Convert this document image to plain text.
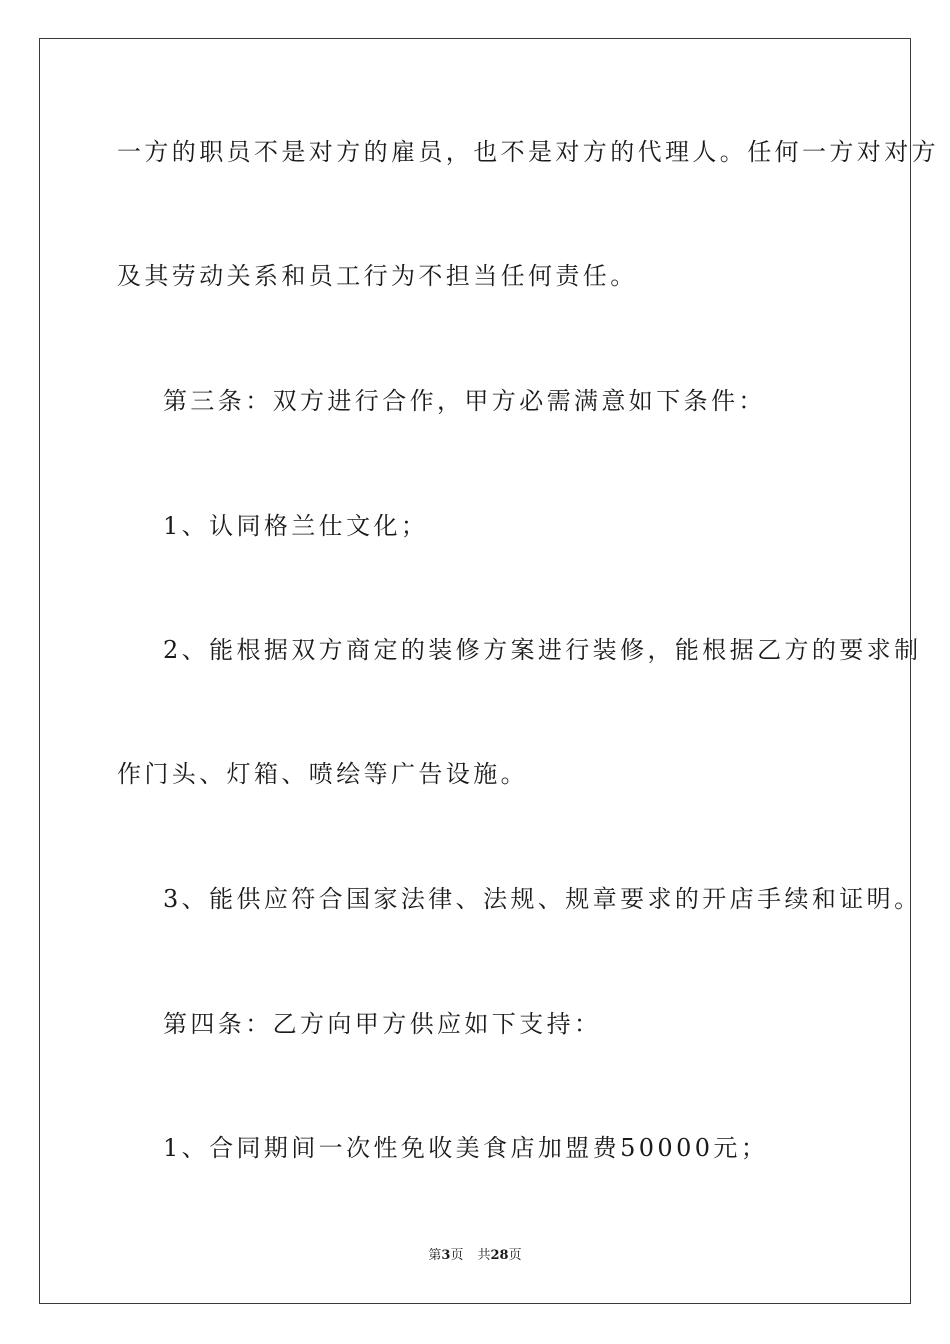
一方的职员不是对方的雇员，也不是对方的代理人。任何一方对对方
及其劳动关系和员工行为不担当任何责任。
第三条：双方进行合作，甲方必需满意如下条件：
1、认同格兰仕文化；
2、能根据双方商定的装修方案进行装修，能根据乙方的要求制
作门头、灯箱、喷绘等广告设施。
3、能供应符合国家法律、法规、规章要求的开店手续和证明。
第四条：乙方向甲方供应如下支持：
1、合同期间一次性免收美食店加盟费50000元；
第3页 共28页
